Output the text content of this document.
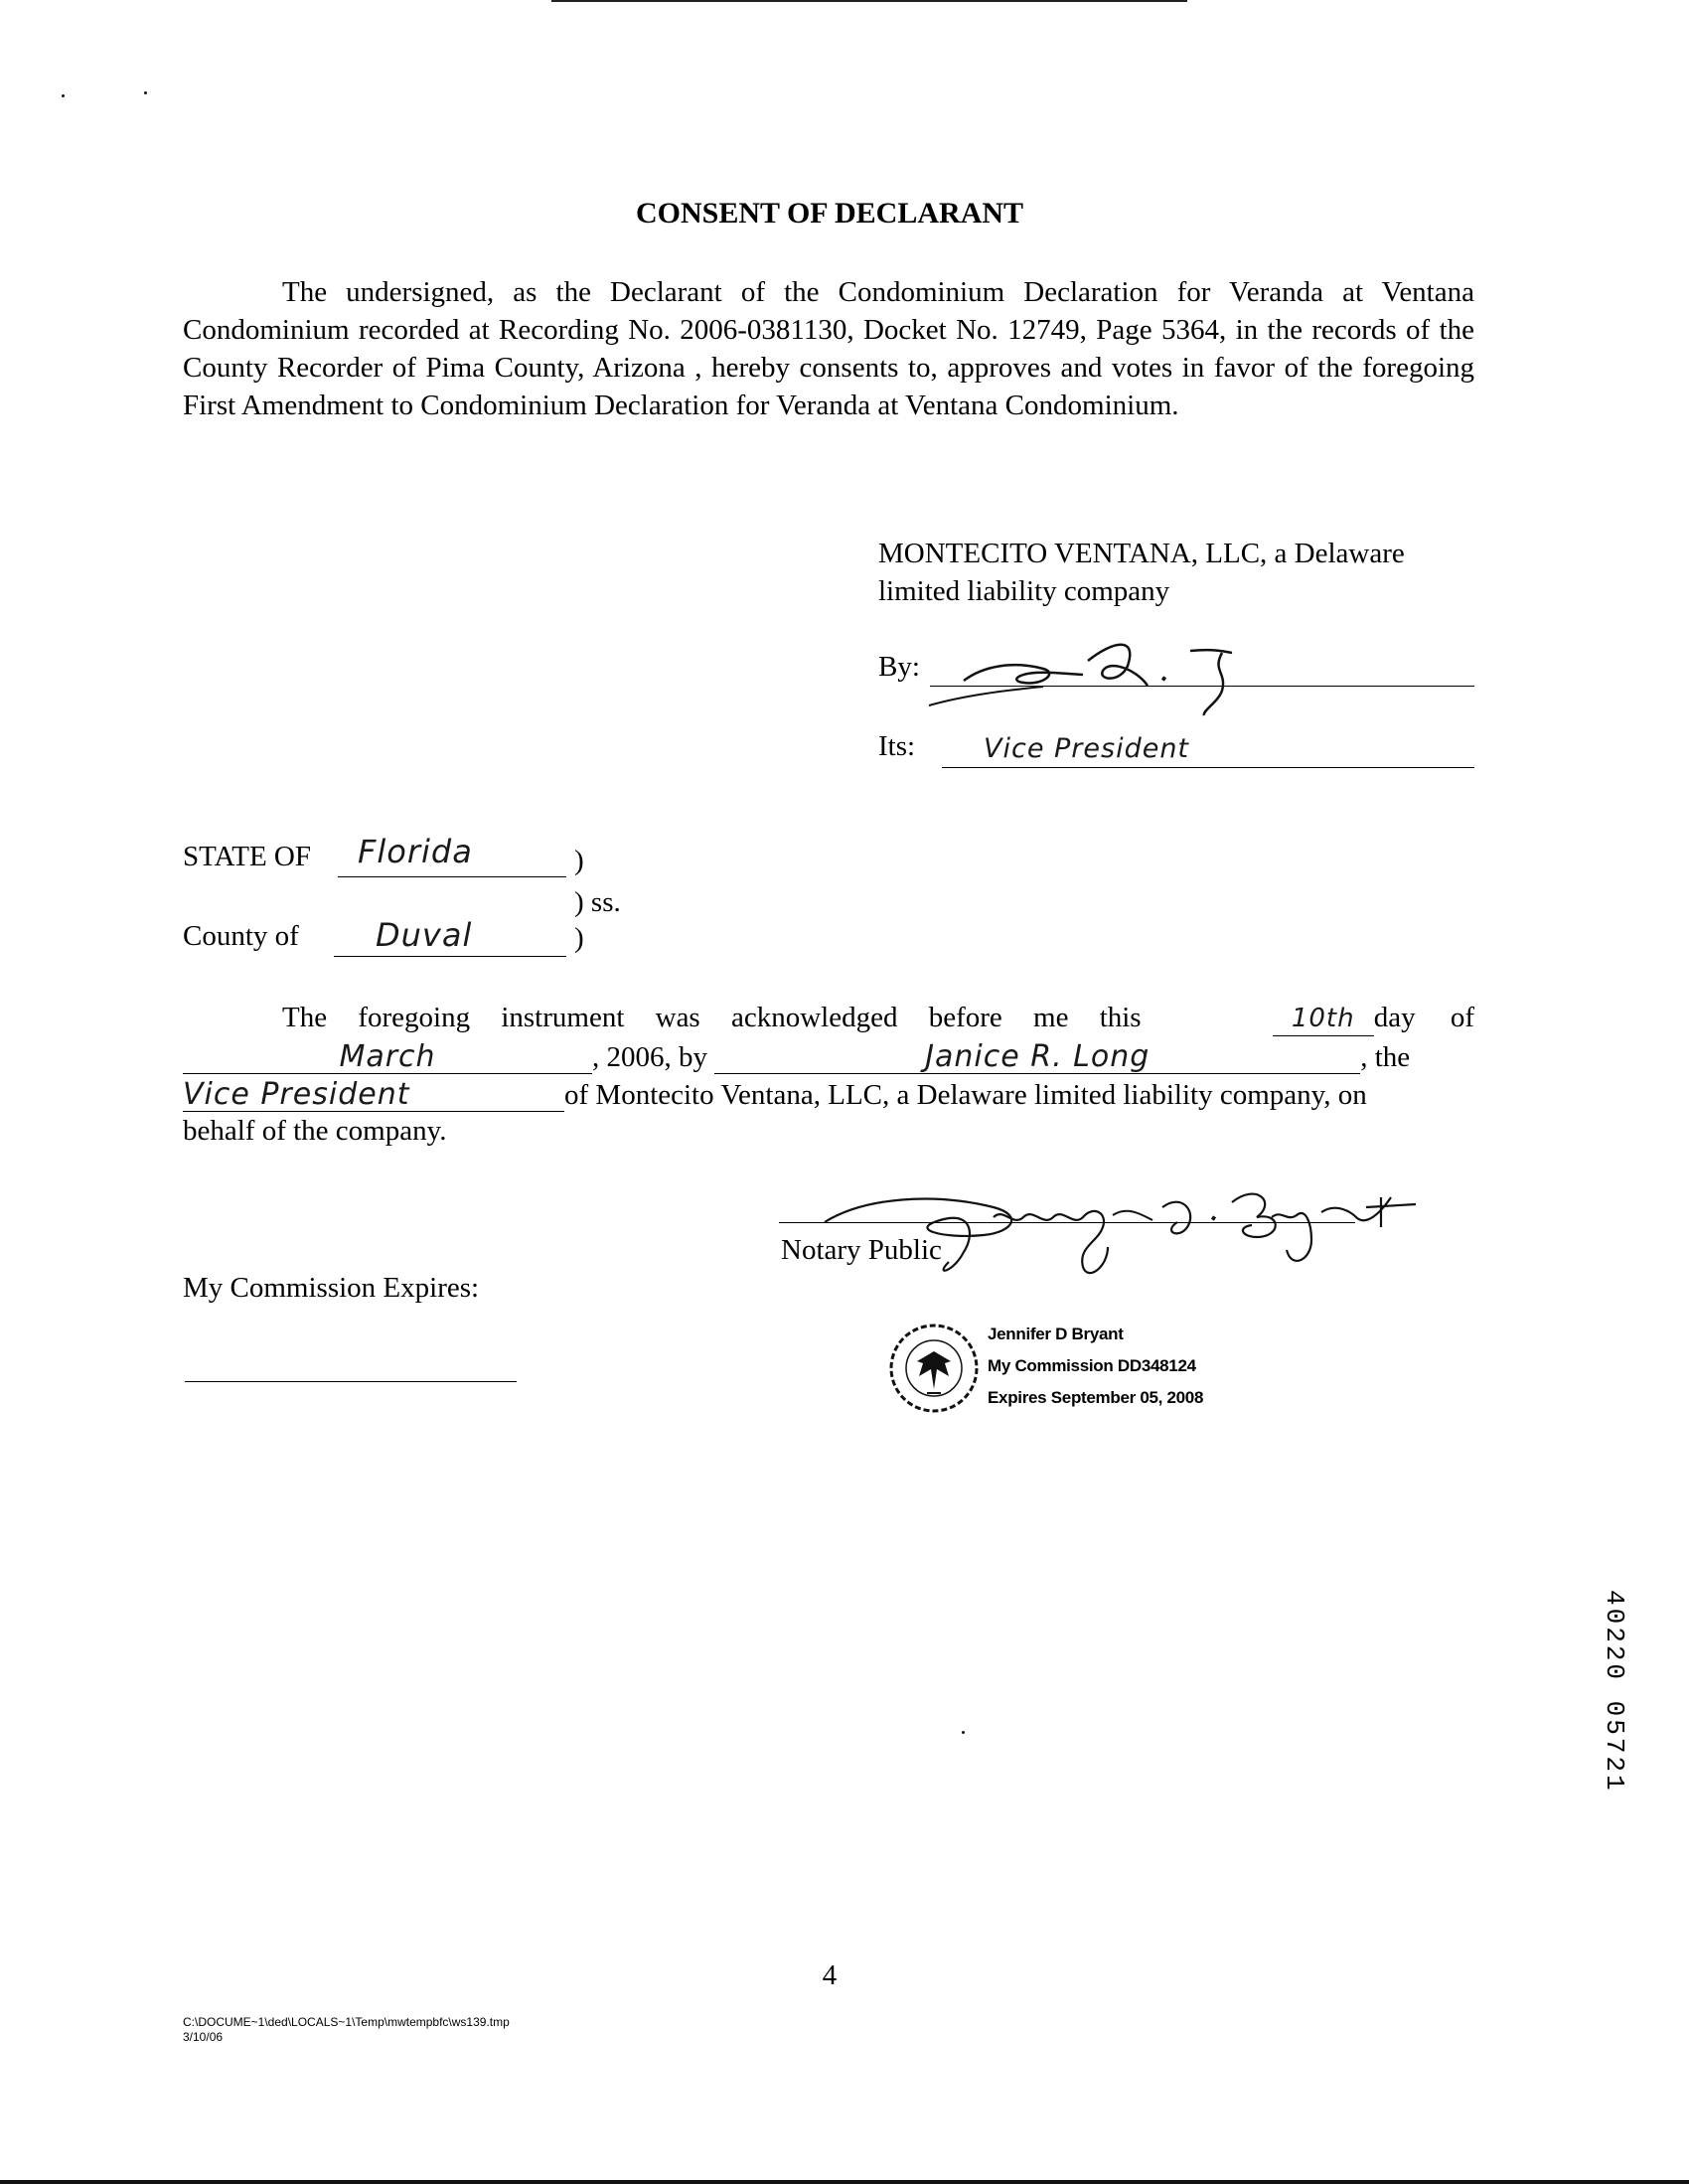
CONSENT OF DECLARANT
The undersigned, as the Declarant of the Condominium Declaration for Veranda at Ventana Condominium recorded at Recording No. 2006-0381130, Docket No. 12749, Page 5364, in the records of the County Recorder of Pima County, Arizona , hereby consents to, approves and votes in favor of the foregoing First Amendment to Condominium Declaration for Veranda at Ventana Condominium.
MONTECITO VENTANA, LLC, a Delaware
limited liability company
By:
Its:	Vice President
STATE OF Florida	)
) ss.
County of Duval	)
The foregoing instrument was acknowledged before me this	10th day of
March	, 2006, by	Janice R. Long	, the
Vice President	of Montecito Ventana, LLC, a Delaware limited liability company, on
behalf of the company.
Notary Public
My Commission Expires:
Jennifer D Bryant
My Commission DD348124
Expires September 05, 2008
40220 05721
4
C:\DOCUME~1\ded\LOCALS~1\Temp\mwtempbfc\ws139.tmp
3/10/06
